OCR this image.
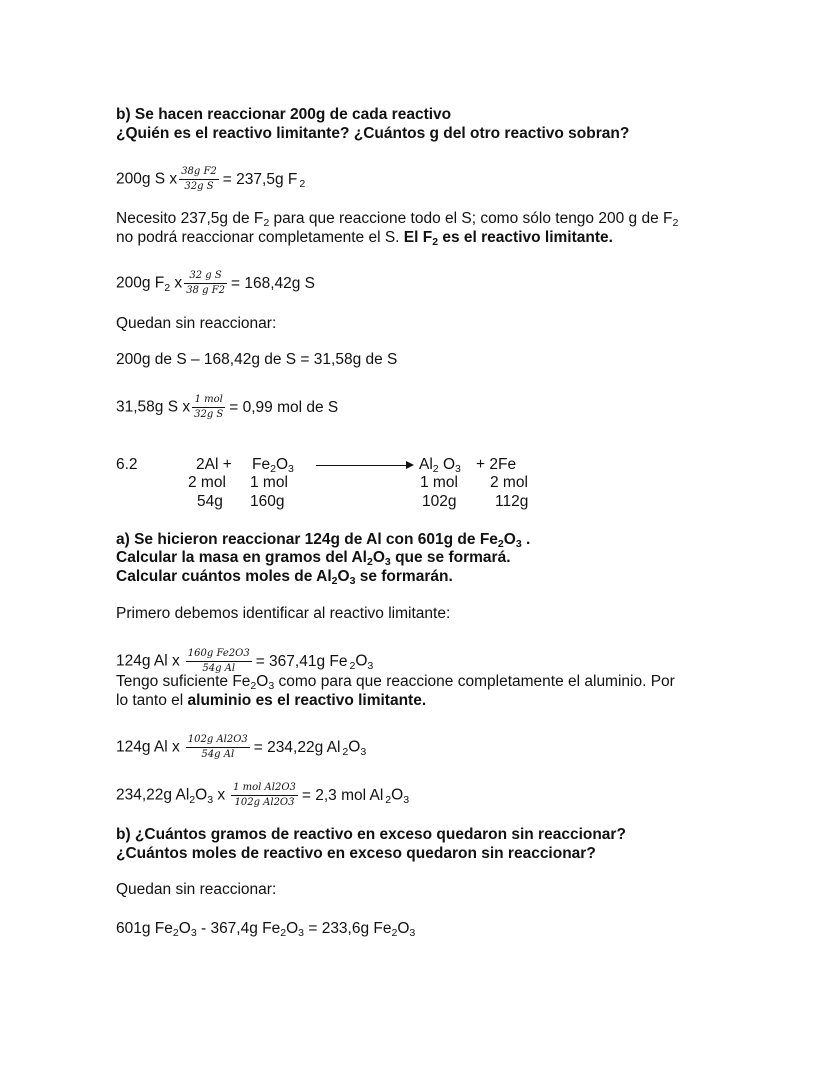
b) Se hacen reaccionar 200g de cada reactivo
¿Quién es el reactivo limitante? ¿Cuántos g del otro reactivo sobran?
200g S x $\frac{\text{38g F2}}{\text{32g S}} = 237,5g$ F $_2$
Necesito 237,5g de $F_2$ para que reaccione todo el S; como sólo tengo 200 g de $F_2$
no podrá reaccionar completamente el S. El $F_2$ es el reactivo limitante.
200g $F_2$ x $\frac{\text{32 g S}}{\text{38 g F2}} = 168,42g$ S
Quedan sin reaccionar:
200g de S – 168,42g de S = 31,58g de S
31,58g S x $\frac{\text{1 mol}}{\text{32g S}} = 0,99$ mol de S
6.2	$2Al + Fe_2O_3$	$Al_2$ $O_3 + 2Fe$
2 mol 1 mol	1 mol 2 mol
54g 160g	102g 112g
a) Se hicieron reaccionar 124g de Al con 601g de $Fe_2O_3$ .
Calcular la masa en gramos del $Al_2O_3$ que se formará.
Calcular cuántos moles de $Al_2O_3$ se formarán.
Primero debemos identificar al reactivo limitante:
124g Al x $\frac{\text{160g Fe2O3}}{\text{54g Al}} = 367,41g$ Fe $_2O_3$
Tengo suficiente $Fe_2O_3$ como para que reaccione completamente el aluminio. Por
lo tanto el aluminio es el reactivo limitante.
124g Al x $\frac{\text{102g Al2O3}}{\text{54g Al}} = 234,22g$ Al $_2O_3$
234,22g $Al_2O_3$ x $\frac{\text{1 mol Al2O3}}{\text{102g Al2O3}} = 2,3$ mol Al $_2O_3$
b) ¿Cuántos gramos de reactivo en exceso quedaron sin reaccionar?
¿Cuántos moles de reactivo en exceso quedaron sin reaccionar?
Quedan sin reaccionar:
601g $Fe_2O_3 - 367,4g$ $Fe_2O_3 = 233,6g$ $Fe_2O_3$
